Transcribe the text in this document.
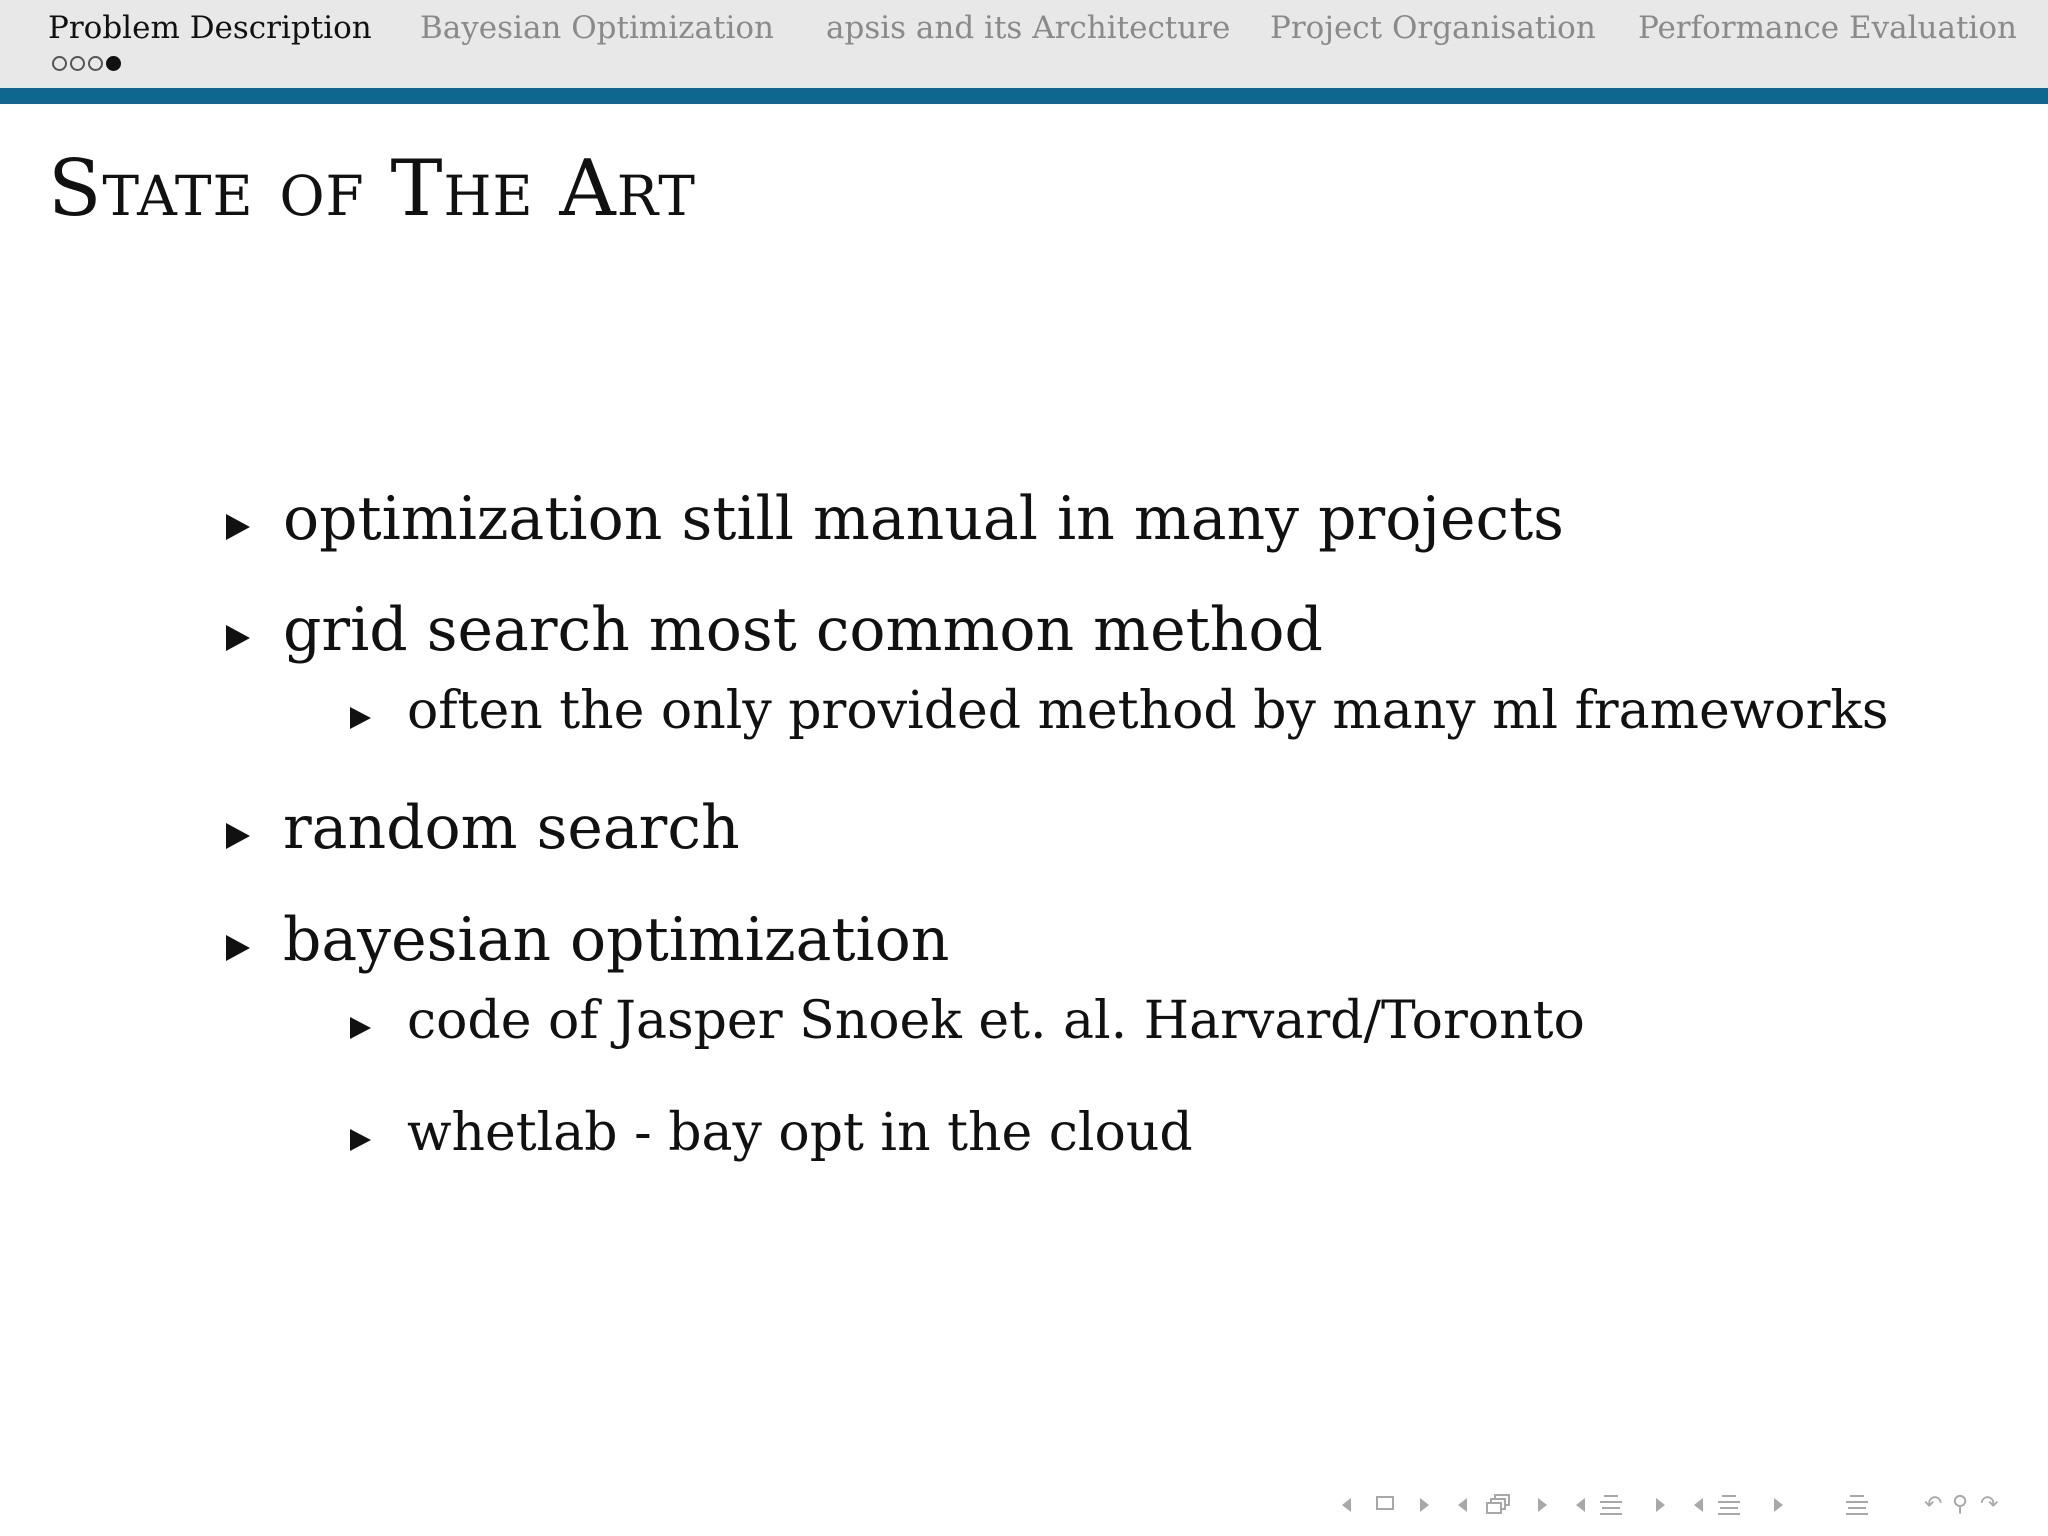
Problem Description Bayesian Optimization apsis and its Architecture Project Organisation Performance Evaluation
State of The Art
optimization still manual in many projects
grid search most common method
often the only provided method by many ml frameworks
random search
bayesian optimization
code of Jasper Snoek et. al. Harvard/Toronto
whetlab - bay opt in the cloud
↶ ⚲ ↷
